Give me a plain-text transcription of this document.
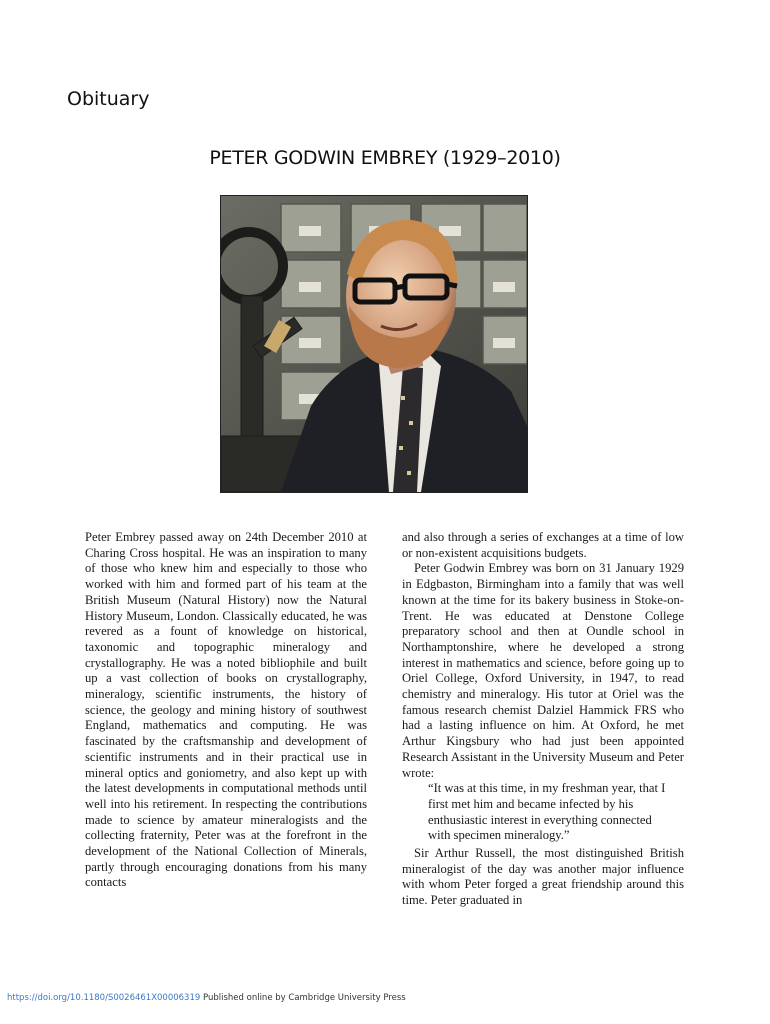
Obituary
PETER GODWIN EMBREY (1929–2010)

Peter Embrey passed away on 24th December 2010 at Charing Cross hospital. He was an inspiration to many of those who knew him and especially to those who worked with him and formed part of his team at the British Museum (Natural History) now the Natural History Museum, London. Classically educated, he was revered as a fount of knowledge on historical, taxonomic and topographic mineralogy and crystallography. He was a noted bibliophile and built up a vast collection of books on crystallography, mineralogy, scientific instruments, the history of science, the geology and mining history of southwest England, mathematics and computing. He was fascinated by the craftsmanship and development of scientific instruments and in their practical use in mineral optics and goniometry, and also kept up with the latest developments in computational methods until well into his retirement. In respecting the contributions made to science by amateur mineralogists and the collecting fraternity, Peter was at the forefront in the development of the National Collection of Minerals, partly through encouraging donations from his many contacts

and also through a series of exchanges at a time of low or non-existent acquisitions budgets.

Peter Godwin Embrey was born on 31 January 1929 in Edgbaston, Birmingham into a family that was well known at the time for its bakery business in Stoke-on-Trent. He was educated at Denstone College preparatory school and then at Oundle school in Northamptonshire, where he developed a strong interest in mathematics and science, before going up to Oriel College, Oxford University, in 1947, to read chemistry and mineralogy. His tutor at Oriel was the famous research chemist Dalziel Hammick FRS who had a lasting influence on him. At Oxford, he met Arthur Kingsbury who had just been appointed Research Assistant in the University Museum and Peter wrote:

“It was at this time, in my freshman year, that I first met him and became infected by his enthusiastic interest in everything connected with specimen mineralogy.”

Sir Arthur Russell, the most distinguished British mineralogist of the day was another major influence with whom Peter forged a great friendship around this time. Peter graduated in

https://doi.org/10.1180/S0026461X00006319 Published online by Cambridge University Press
